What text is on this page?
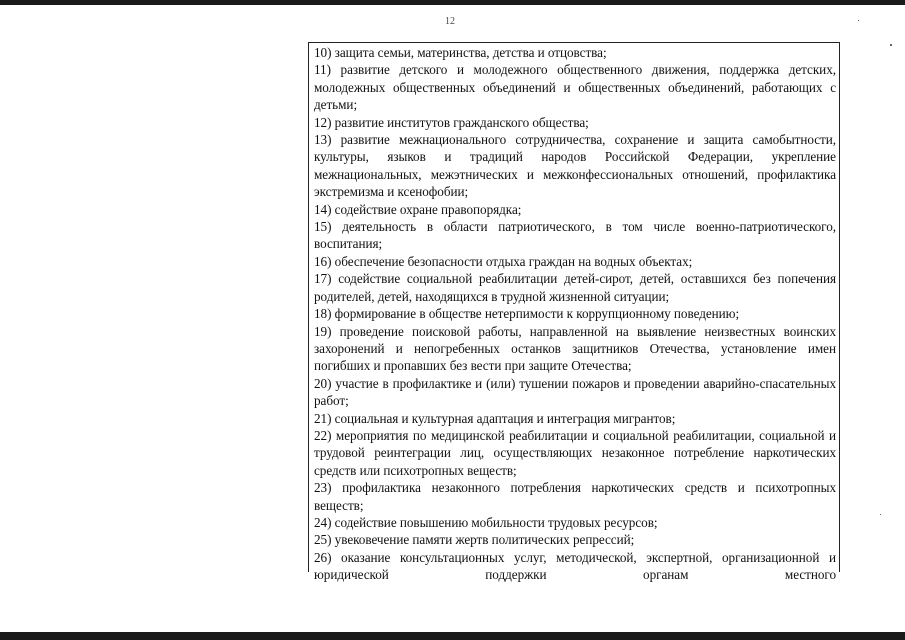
12

10) защита семьи, материнства, детства и отцовства;

11) развитие детского и молодежного общественного движения, поддержка детских, молодежных общественных объединений и общественных объединений, работающих с детьми;

12) развитие институтов гражданского общества;

13) развитие межнационального сотрудничества, сохранение и защита самобытности, культуры, языков и традиций народов Российской Федерации, укрепление межнациональных, межэтнических и межконфессиональных отношений, профилактика экстремизма и ксенофобии;

14) содействие охране правопорядка;

15) деятельность в области патриотического, в том числе военно-патриотического, воспитания;

16) обеспечение безопасности отдыха граждан на водных объектах;

17) содействие социальной реабилитации детей-сирот, детей, оставшихся без попечения родителей, детей, находящихся в трудной жизненной ситуации;

18) формирование в обществе нетерпимости к коррупционному поведению;

19) проведение поисковой работы, направленной на выявление неизвестных воинских захоронений и непогребенных останков защитников Отечества, установление имен погибших и пропавших без вести при защите Отечества;

20) участие в профилактике и (или) тушении пожаров и проведении аварийно-спасательных работ;

21) социальная и культурная адаптация и интеграция мигрантов;

22) мероприятия по медицинской реабилитации и социальной реабилитации, социальной и трудовой реинтеграции лиц, осуществляющих незаконное потребление наркотических средств или психотропных веществ;

23) профилактика незаконного потребления наркотических средств и психотропных веществ;

24) содействие повышению мобильности трудовых ресурсов;

25) увековечение памяти жертв политических репрессий;

26) оказание консультационных услуг, методической, экспертной, организационной и юридической поддержки органам местного
